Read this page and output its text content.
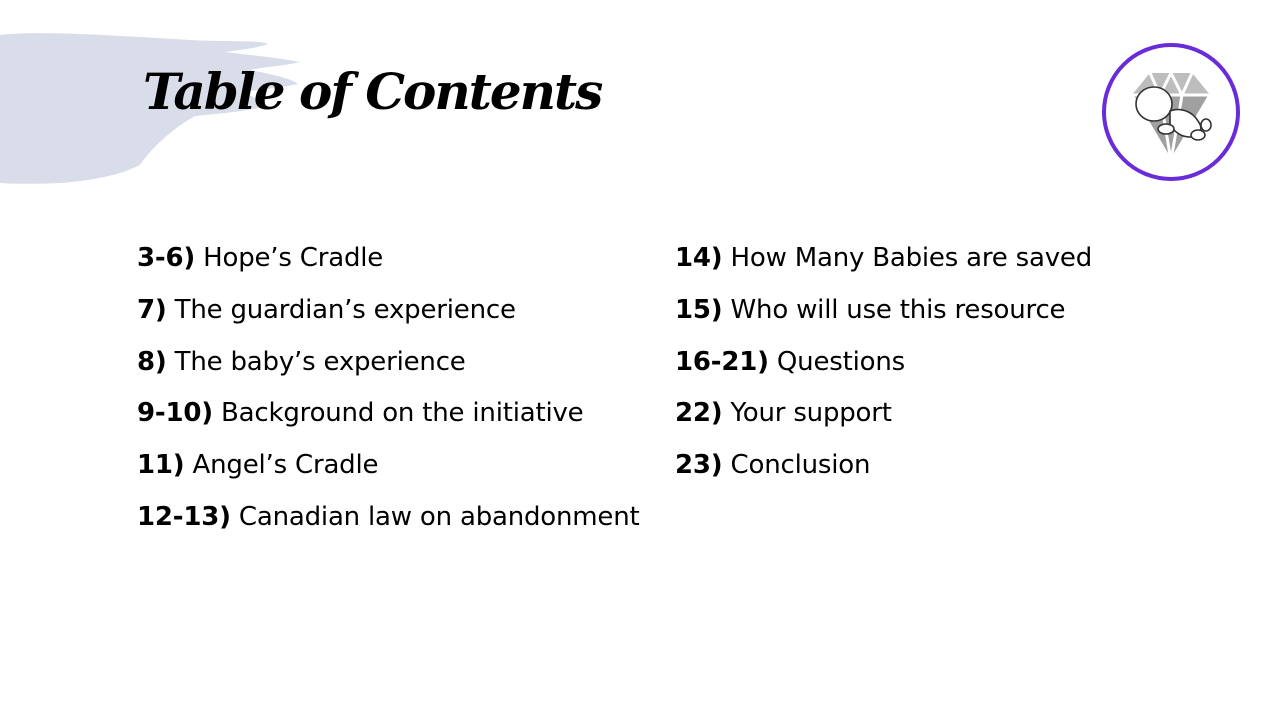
Table of Contents
3-6) Hope’s Cradle
7) The guardian’s experience
8) The baby’s experience
9-10) Background on the initiative
11) Angel’s Cradle
12-13) Canadian law on abandonment
14) How Many Babies are saved
15) Who will use this resource
16-21) Questions
22) Your support
23) Conclusion
